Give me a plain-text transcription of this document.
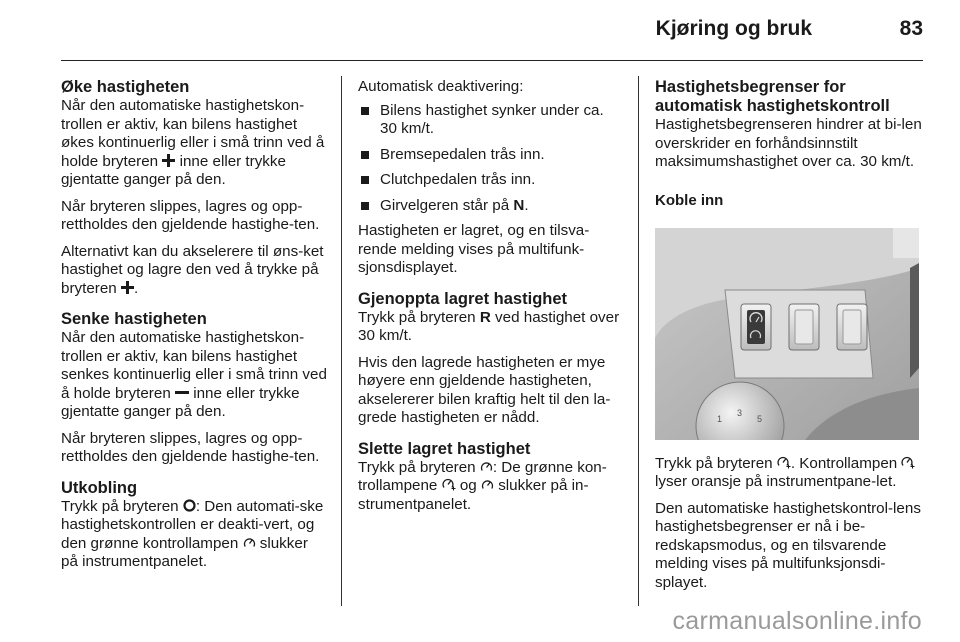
Kjøring og bruk	83
Øke hastigheten

Når den automatiske hastighetskon-trollen er aktiv, kan bilens hastighet økes kontinuerlig eller i små trinn ved å holde bryteren inne eller trykke gjentatte ganger på den.

Når bryteren slippes, lagres og opp-rettholdes den gjeldende hastighe-ten.

Alternativt kan du akselerere til øns-ket hastighet og lagre den ved å trykke på bryteren .

Senke hastigheten

Når den automatiske hastighetskon-trollen er aktiv, kan bilens hastighet senkes kontinuerlig eller i små trinn ved å holde bryteren inne eller trykke gjentatte ganger på den.

Når bryteren slippes, lagres og opp-rettholdes den gjeldende hastighe-ten.

Utkobling

Trykk på bryteren : Den automati-ske hastighetskontrollen er deakti-vert, og den grønne kontrollampen slukker på instrumentpanelet.

Automatisk deaktivering:

Bilens hastighet synker under ca. 30 km/t.
Bremsepedalen trås inn.
Clutchpedalen trås inn.
Girvelgeren står på N.

Hastigheten er lagret, og en tilsva-rende melding vises på multifunk-sjonsdisplayet.

Gjenoppta lagret hastighet

Trykk på bryteren R ved hastighet over 30 km/t.

Hvis den lagrede hastigheten er mye høyere enn gjeldende hastigheten, akselererer bilen kraftig helt til den la-grede hastigheten er nådd.

Slette lagret hastighet

Trykk på bryteren : De grønne kon-trollampene og slukker på in-strumentpanelet.

Hastighetsbegrenser for automatisk hastighetskontroll

Hastighetsbegrenseren hindrer at bi-len overskrider en forhåndsinnstilt maksimumshastighet over ca. 30 km/t.

Koble inn
1
3
5

Trykk på bryteren . Kontrollampen  lyser oransje på instrumentpane-let.

Den automatiske hastighetskontrol-lens hastighetsbegrenser er nå i be-redskapsmodus, og en tilsvarende melding vises på multifunksjonsdi-splayet.

carmanualsonline.info
